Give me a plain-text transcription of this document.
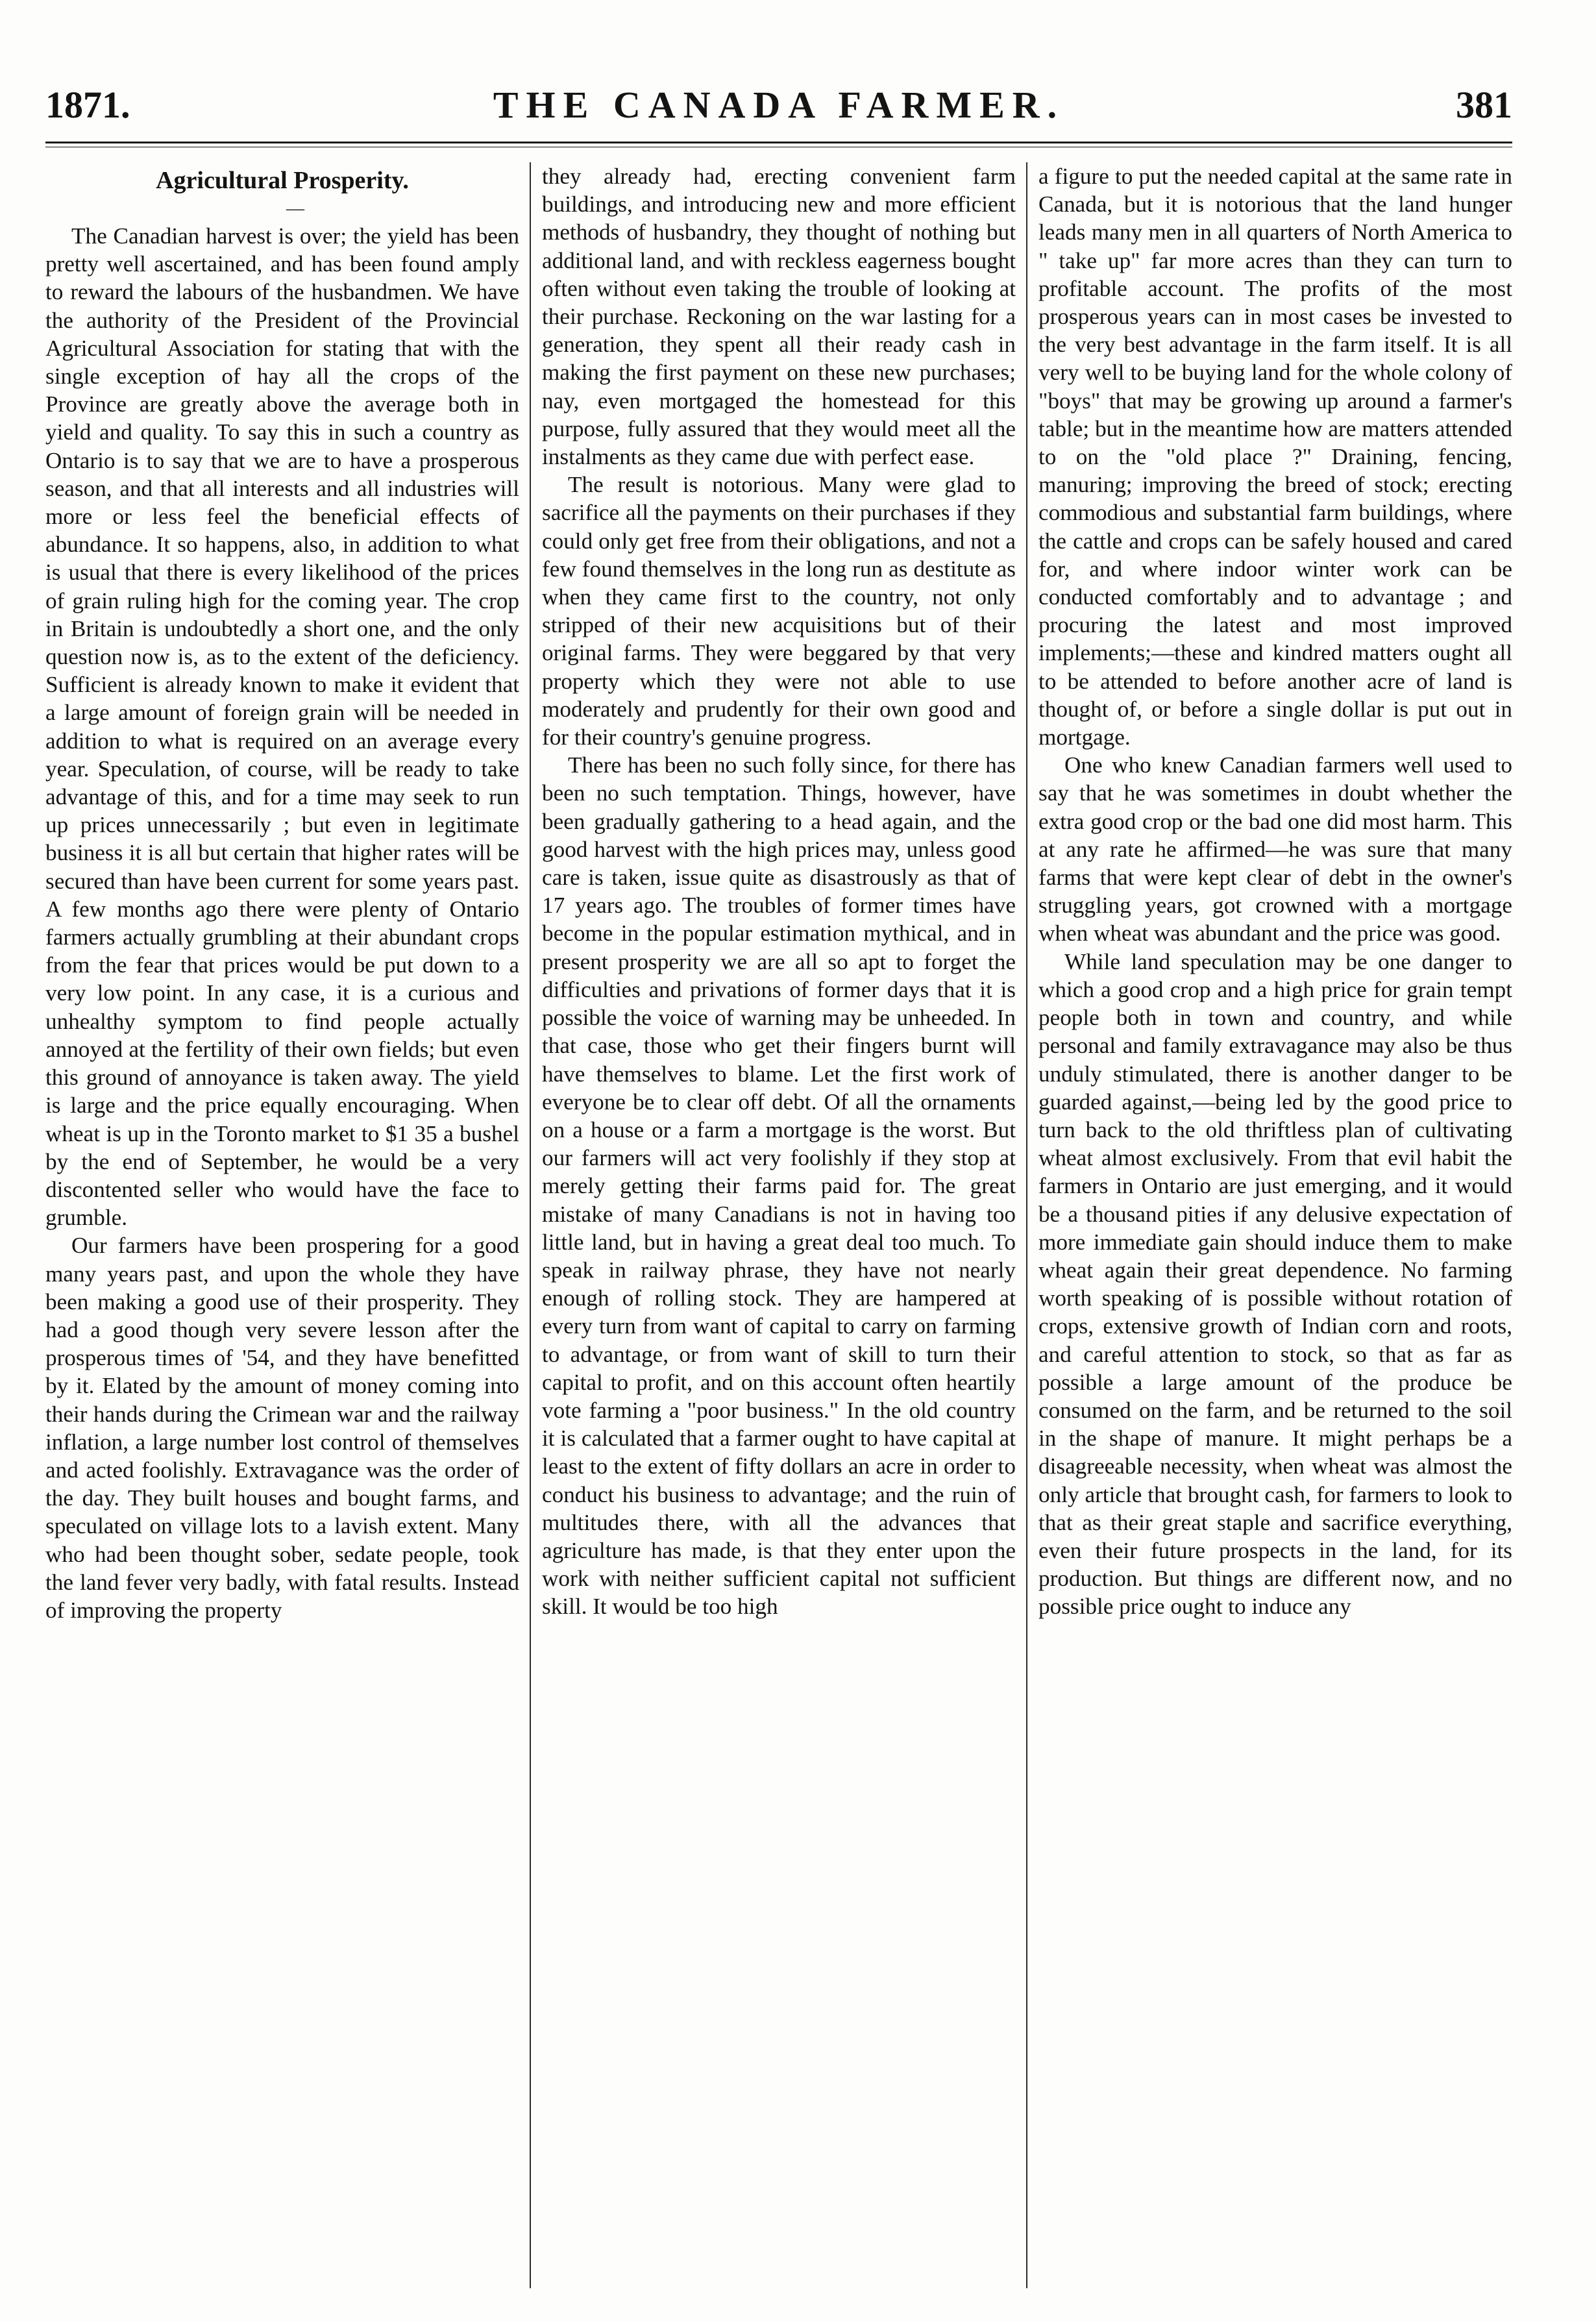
1871.	THE CANADA FARMER.	381
Agricultural Prosperity.

—

The Canadian harvest is over; the yield has been pretty well ascertained, and has been found amply to reward the labours of the husbandmen. We have the authority of the President of the Provincial Agricultural Association for stating that with the single exception of hay all the crops of the Province are greatly above the average both in yield and quality. To say this in such a country as Ontario is to say that we are to have a prosperous season, and that all interests and all industries will more or less feel the beneficial effects of abundance. It so happens, also, in addition to what is usual that there is every likelihood of the prices of grain ruling high for the coming year. The crop in Britain is undoubtedly a short one, and the only question now is, as to the extent of the deficiency. Sufficient is already known to make it evident that a large amount of foreign grain will be needed in addition to what is required on an average every year. Speculation, of course, will be ready to take advantage of this, and for a time may seek to run up prices unnecessarily ; but even in legitimate business it is all but certain that higher rates will be secured than have been current for some years past. A few months ago there were plenty of Ontario farmers actually grumbling at their abundant crops from the fear that prices would be put down to a very low point. In any case, it is a curious and unhealthy symptom to find people actually annoyed at the fertility of their own fields; but even this ground of annoyance is taken away. The yield is large and the price equally encouraging. When wheat is up in the Toronto market to $1 35 a bushel by the end of September, he would be a very discontented seller who would have the face to grumble.

Our farmers have been prospering for a good many years past, and upon the whole they have been making a good use of their prosperity. They had a good though very severe lesson after the prosperous times of '54, and they have benefitted by it. Elated by the amount of money coming into their hands during the Crimean war and the railway inflation, a large number lost control of themselves and acted foolishly. Extravagance was the order of the day. They built houses and bought farms, and speculated on village lots to a lavish extent. Many who had been thought sober, sedate people, took the land fever very badly, with fatal results. Instead of improving the property

they already had, erecting convenient farm buildings, and introducing new and more efficient methods of husbandry, they thought of nothing but additional land, and with reckless eagerness bought often without even taking the trouble of looking at their purchase. Reckoning on the war lasting for a generation, they spent all their ready cash in making the first payment on these new purchases; nay, even mortgaged the homestead for this purpose, fully assured that they would meet all the instalments as they came due with perfect ease.

The result is notorious. Many were glad to sacrifice all the payments on their purchases if they could only get free from their obligations, and not a few found themselves in the long run as destitute as when they came first to the country, not only stripped of their new acquisitions but of their original farms. They were beggared by that very property which they were not able to use moderately and prudently for their own good and for their country's genuine progress.

There has been no such folly since, for there has been no such temptation. Things, however, have been gradually gathering to a head again, and the good harvest with the high prices may, unless good care is taken, issue quite as disastrously as that of 17 years ago. The troubles of former times have become in the popular estimation mythical, and in present prosperity we are all so apt to forget the difficulties and privations of former days that it is possible the voice of warning may be unheeded. In that case, those who get their fingers burnt will have themselves to blame. Let the first work of everyone be to clear off debt. Of all the ornaments on a house or a farm a mortgage is the worst. But our farmers will act very foolishly if they stop at merely getting their farms paid for. The great mistake of many Canadians is not in having too little land, but in having a great deal too much. To speak in railway phrase, they have not nearly enough of rolling stock. They are hampered at every turn from want of capital to carry on farming to advantage, or from want of skill to turn their capital to profit, and on this account often heartily vote farming a "poor business." In the old country it is calculated that a farmer ought to have capital at least to the extent of fifty dollars an acre in order to conduct his business to advantage; and the ruin of multitudes there, with all the advances that agriculture has made, is that they enter upon the work with neither sufficient capital not sufficient skill. It would be too high

a figure to put the needed capital at the same rate in Canada, but it is notorious that the land hunger leads many men in all quarters of North America to " take up" far more acres than they can turn to profitable account. The profits of the most prosperous years can in most cases be invested to the very best advantage in the farm itself. It is all very well to be buying land for the whole colony of "boys" that may be growing up around a farmer's table; but in the meantime how are matters attended to on the "old place ?" Draining, fencing, manuring; improving the breed of stock; erecting commodious and substantial farm buildings, where the cattle and crops can be safely housed and cared for, and where indoor winter work can be conducted comfortably and to advantage ; and procuring the latest and most improved implements;—these and kindred matters ought all to be attended to before another acre of land is thought of, or before a single dollar is put out in mortgage.

One who knew Canadian farmers well used to say that he was sometimes in doubt whether the extra good crop or the bad one did most harm. This at any rate he affirmed—he was sure that many farms that were kept clear of debt in the owner's struggling years, got crowned with a mortgage when wheat was abundant and the price was good.

While land speculation may be one danger to which a good crop and a high price for grain tempt people both in town and country, and while personal and family extravagance may also be thus unduly stimulated, there is another danger to be guarded against,—being led by the good price to turn back to the old thriftless plan of cultivating wheat almost exclusively. From that evil habit the farmers in Ontario are just emerging, and it would be a thousand pities if any delusive expectation of more immediate gain should induce them to make wheat again their great dependence. No farming worth speaking of is possible without rotation of crops, extensive growth of Indian corn and roots, and careful attention to stock, so that as far as possible a large amount of the produce be consumed on the farm, and be returned to the soil in the shape of manure. It might perhaps be a disagreeable necessity, when wheat was almost the only article that brought cash, for farmers to look to that as their great staple and sacrifice everything, even their future prospects in the land, for its production. But things are different now, and no possible price ought to induce any
